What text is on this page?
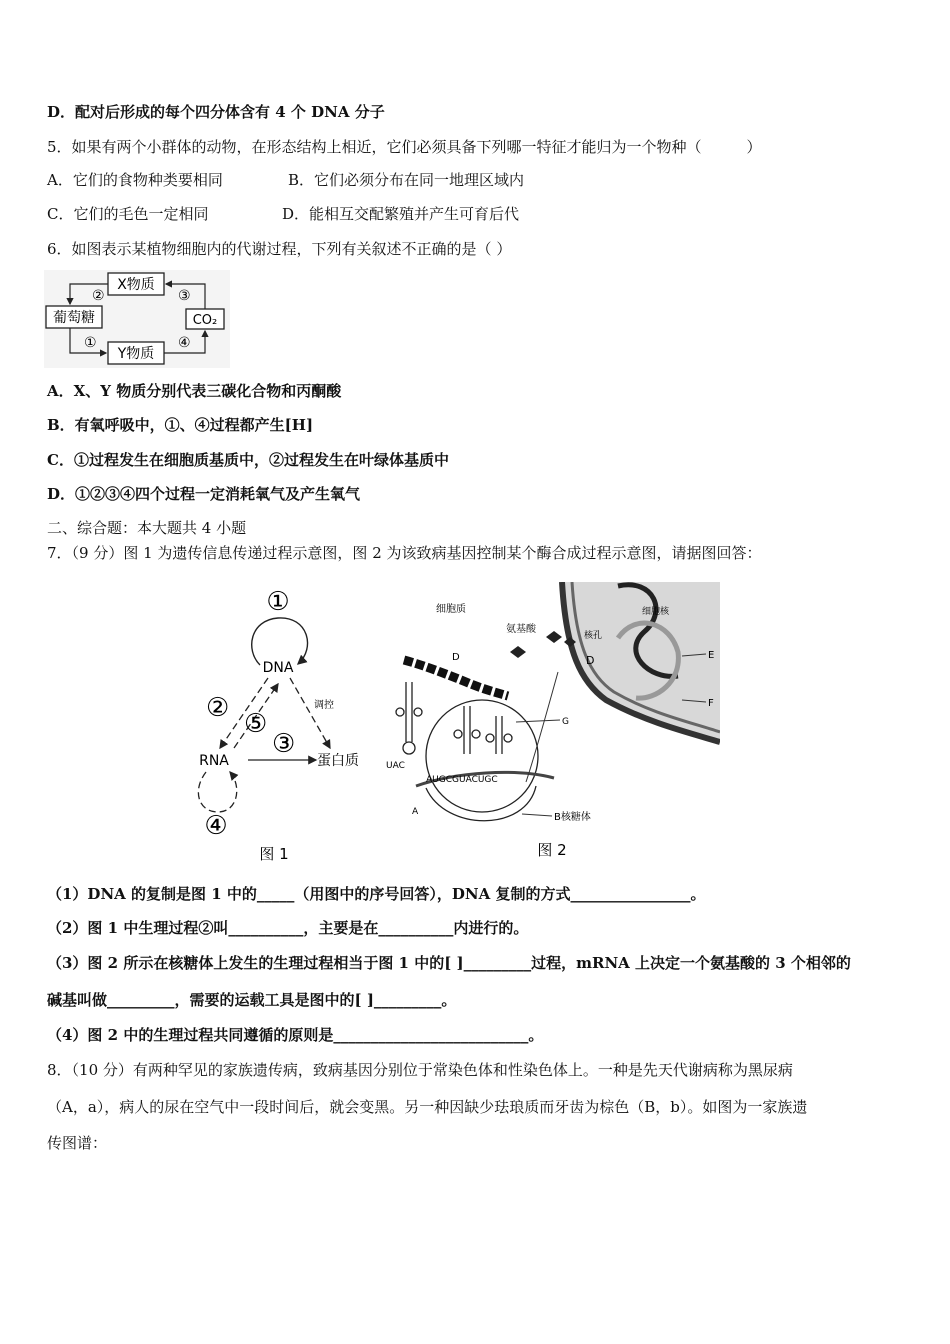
D．配对后形成的每个四分体含有 4 个 DNA 分子
5．如果有两个小群体的动物，在形态结构上相近，它们必须具备下列哪一特征才能归为一个物种（　　　）
A．它们的食物种类要相同	B．它们必须分布在同一地理区域内
C．它们的毛色一定相同	D．能相互交配繁殖并产生可育后代
6．如图表示某植物细胞内的代谢过程，下列有关叙述不正确的是（ ）
X物质
葡萄糖	CO₂
Y物质
②	③
①	④
A．X、Y 物质分别代表三碳化合物和丙酮酸
B．有氧呼吸中，①、④过程都产生[H]
C．①过程发生在细胞质基质中，②过程发生在叶绿体基质中
D．①②③④四个过程一定消耗氧气及产生氧气
二、综合题：本大题共 4 小题
7．（9 分）图 1 为遗传信息传递过程示意图，图 2 为该致病基因控制某个酶合成过程示意图，请据图回答：
①
DNA
调控
②
⑤
③
RNA	蛋白质
④
图 1
细胞核
核孔
D	E
F
细胞质
氨基酸
D
UAC
G
AUGCGUACUGC
B核糖体
A
图 2
（1）DNA 的复制是图 1 中的_____（用图中的序号回答），DNA 复制的方式________________。
（2）图 1 中生理过程②叫__________，主要是在__________内进行的。
（3）图 2 所示在核糖体上发生的生理过程相当于图 1 中的[ ]_________过程，mRNA 上决定一个氨基酸的 3 个相邻的
碱基叫做_________，需要的运载工具是图中的[ ]_________。
（4）图 2 中的生理过程共同遵循的原则是__________________________。
8．（10 分）有两种罕见的家族遗传病，致病基因分别位于常染色体和性染色体上。一种是先天代谢病称为黑尿病
（A，a），病人的尿在空气中一段时间后，就会变黑。另一种因缺少珐琅质而牙齿为棕色（B，b）。如图为一家族遗
传图谱：
